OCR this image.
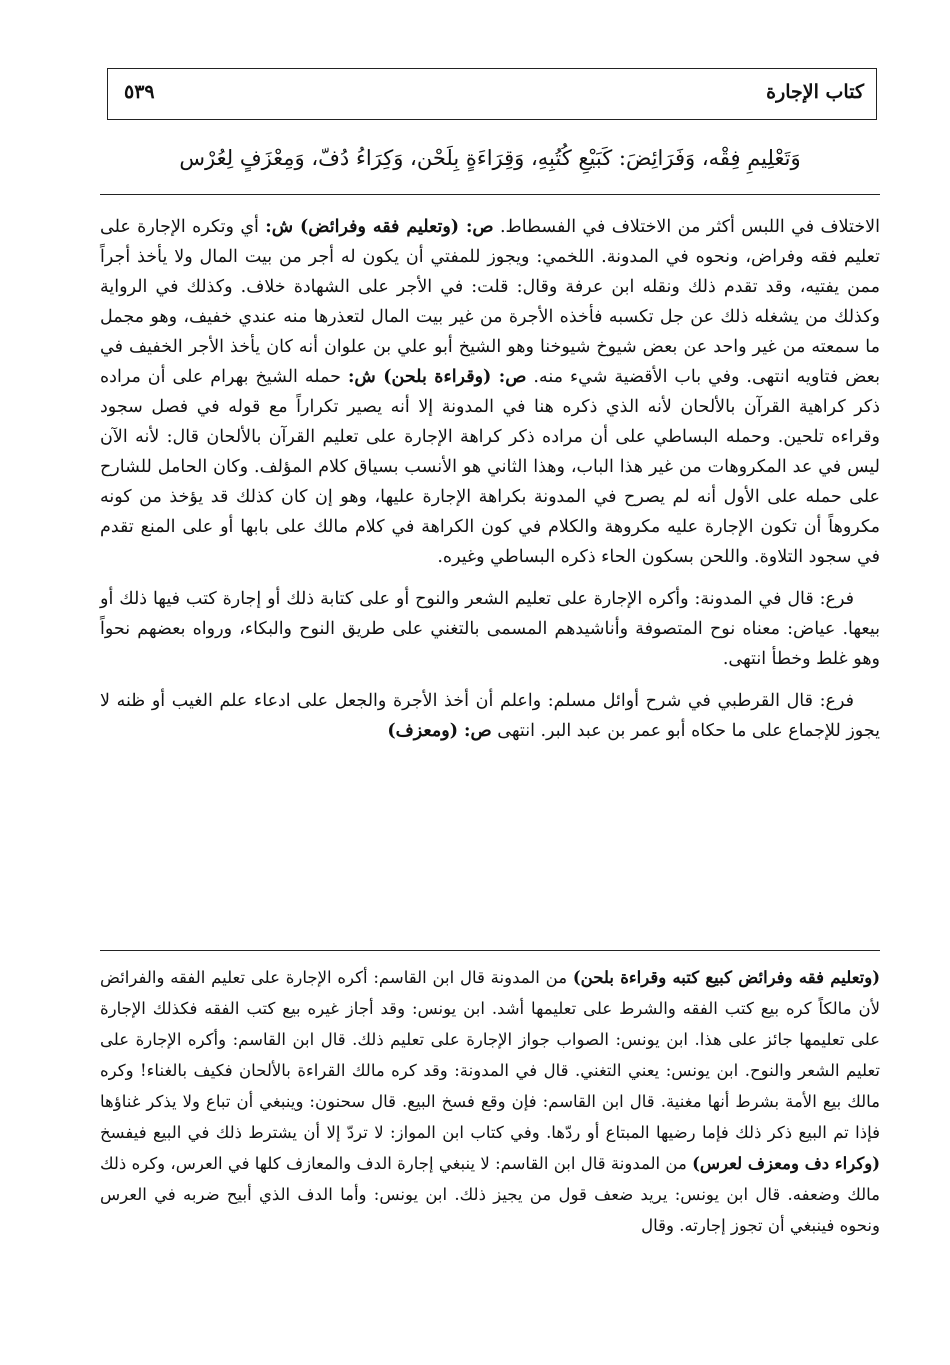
كتاب الإجارة
٥٣٩
وَتَعْلِيمِ فِقْه، وَفَرَائِضَ: كَبَيْعِ كُتُبِهِ، وَقِرَاءَةٍ بِلَحْن، وَكِرَاءُ دُفّ، وَمِعْزَفٍ لِعُرْس

الاختلاف في اللبس أكثر من الاختلاف في الفسطاط. ص: (وتعليم فقه وفرائض) ش: أي وتكره الإجارة على تعليم فقه وفراض، ونحوه في المدونة. اللخمي: ويجوز للمفتي أن يكون له أجر من بيت المال ولا يأخذ أجراً ممن يفتيه، وقد تقدم ذلك ونقله ابن عرفة وقال: قلت: في الأجر على الشهادة خلاف. وكذلك في الرواية وكذلك من يشغله ذلك عن جل تكسبه فأخذه الأجرة من غير بيت المال لتعذرها منه عندي خفيف، وهو مجمل ما سمعته من غير واحد عن بعض شيوخ شيوخنا وهو الشيخ أبو علي بن علوان أنه كان يأخذ الأجر الخفيف في بعض فتاويه انتهى. وفي باب الأقضية شيء منه. ص: (وقراءة بلحن) ش: حمله الشيخ بهرام على أن مراده ذكر كراهية القرآن بالألحان لأنه الذي ذكره هنا في المدونة إلا أنه يصير تكراراً مع قوله في فصل سجود وقراءه تلحين. وحمله البساطي على أن مراده ذكر كراهة الإجارة على تعليم القرآن بالألحان قال: لأنه الآن ليس في عد المكروهات من غير هذا الباب، وهذا الثاني هو الأنسب بسياق كلام المؤلف. وكان الحامل للشارح على حمله على الأول أنه لم يصرح في المدونة بكراهة الإجارة عليها، وهو إن كان كذلك قد يؤخذ من كونه مكروهاً أن تكون الإجارة عليه مكروهة والكلام في كون الكراهة في كلام مالك على بابها أو على المنع تقدم في سجود التلاوة. واللحن بسكون الحاء ذكره البساطي وغيره.

فرع: قال في المدونة: وأكره الإجارة على تعليم الشعر والنوح أو على كتابة ذلك أو إجارة كتب فيها ذلك أو بيعها. عياض: معناه نوح المتصوفة وأناشيدهم المسمى بالتغني على طريق النوح والبكاء، ورواه بعضهم نحواً وهو غلط وخطأ انتهى.

فرع: قال القرطبي في شرح أوائل مسلم: واعلم أن أخذ الأجرة والجعل على ادعاء علم الغيب أو ظنه لا يجوز للإجماع على ما حكاه أبو عمر بن عبد البر. انتهى ص: (ومعزف)

(وتعليم فقه وفرائض كبيع كتبه وقراءة بلحن) من المدونة قال ابن القاسم: أكره الإجارة على تعليم الفقه والفرائض لأن مالكاً كره بيع كتب الفقه والشرط على تعليمها أشد. ابن يونس: وقد أجاز غيره بيع كتب الفقه فكذلك الإجارة على تعليمها جائز على هذا. ابن يونس: الصواب جواز الإجارة على تعليم ذلك. قال ابن القاسم: وأكره الإجارة على تعليم الشعر والنوح. ابن يونس: يعني التغني. قال في المدونة: وقد كره مالك القراءة بالألحان فكيف بالغناء! وكره مالك بيع الأمة بشرط أنها مغنية. قال ابن القاسم: فإن وقع فسخ البيع. قال سحنون: وينبغي أن تباع ولا يذكر غناؤها فإذا تم البيع ذكر ذلك فإما رضيها المبتاع أو ردّها. وفي كتاب ابن المواز: لا تردّ إلا أن يشترط ذلك في البيع فيفسخ (وكراء دف ومعزف لعرس) من المدونة قال ابن القاسم: لا ينبغي إجارة الدف والمعازف كلها في العرس، وكره ذلك مالك وضعفه. قال ابن يونس: يريد ضعف قول من يجيز ذلك. ابن يونس: وأما الدف الذي أبيح ضربه في العرس ونحوه فينبغي أن تجوز إجارته. وقال
